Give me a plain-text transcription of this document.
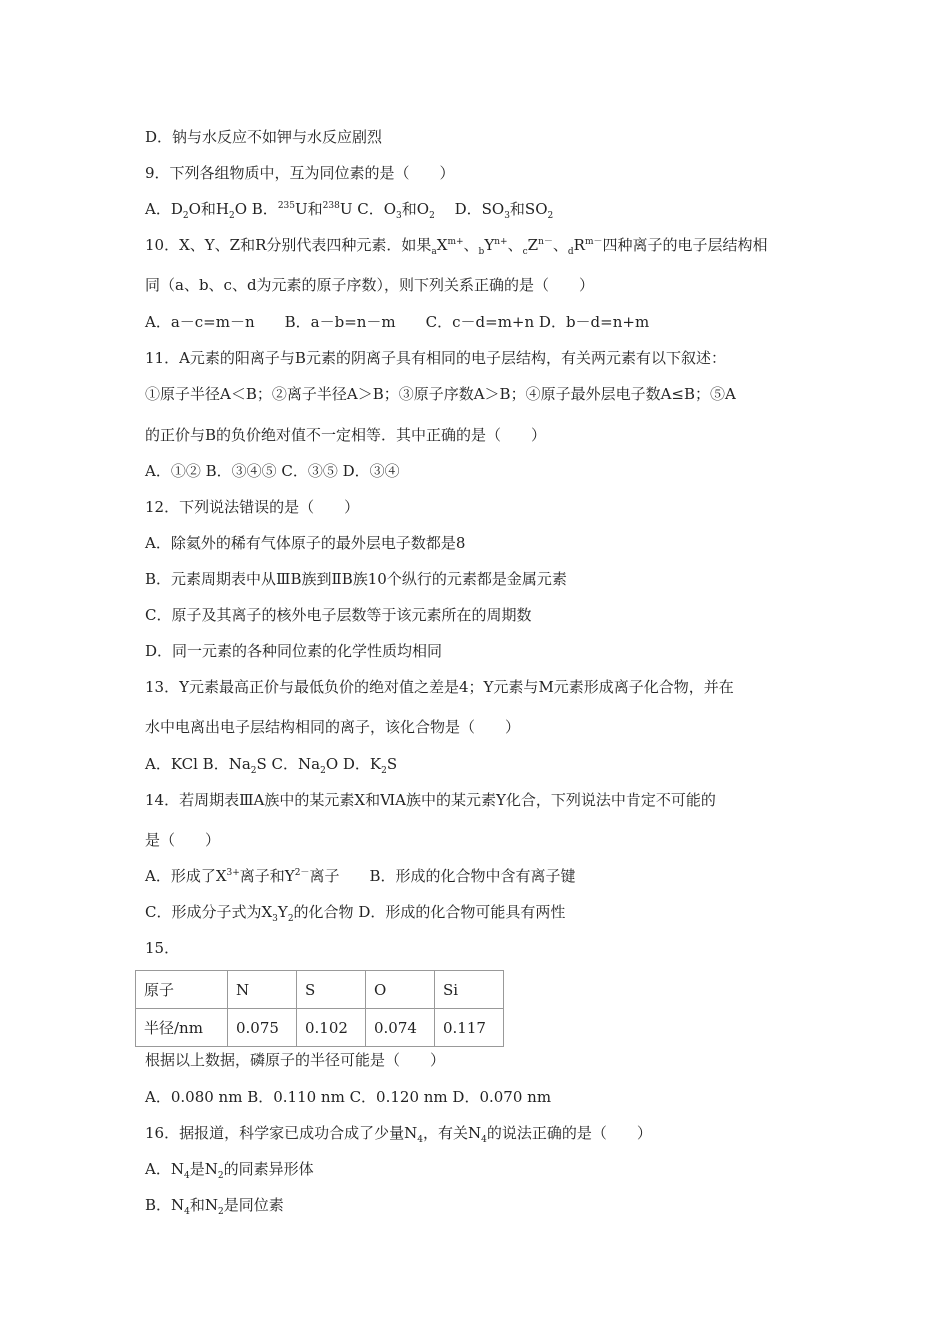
D．钠与水反应不如钾与水反应剧烈
9．下列各组物质中，互为同位素的是（　　）
A．$D_2O$和$H_2O$ B．$^{235}$U和$^{238}$U C．$O_3$和$O_2$　 D．$SO_3$和$SO_2$
10．X、Y、Z和R分别代表四种元素．如果$_aX^{m+}$、$_bY^{n+}$、$_cZ^{n-}$、$_dR^{m-}$四种离子的电子层结构相
同（a、b、c、d为元素的原子序数），则下列关系正确的是（　　）
A．a－c=m－n　　B．a－b=n－m　　C．c－d=m+n D．b－d=n+m
11．A元素的阳离子与B元素的阴离子具有相同的电子层结构，有关两元素有以下叙述：
①原子半径A＜B；②离子半径A＞B；③原子序数A＞B；④原子最外层电子数A≤B；⑤A
的正价与B的负价绝对值不一定相等．其中正确的是（　　）
A．①② B．③④⑤ C．③⑤ D．③④
12．下列说法错误的是（　　）
A．除氦外的稀有气体原子的最外层电子数都是8
B．元素周期表中从ⅢB族到ⅡB族10个纵行的元素都是金属元素
C．原子及其离子的核外电子层数等于该元素所在的周期数
D．同一元素的各种同位素的化学性质均相同
13．Y元素最高正价与最低负价的绝对值之差是4；Y元素与M元素形成离子化合物，并在
水中电离出电子层结构相同的离子，该化合物是（　　）
A．KCl B．$Na_2S$ C．$Na_2O$ D．$K_2S$
14．若周期表ⅢA族中的某元素X和ⅥA族中的某元素Y化合，下列说法中肯定不可能的
是（　　）
A．形成了$X^{3+}$离子和$Y^{2-}$离子　　B．形成的化合物中含有离子键
C．形成分子式为$X_3Y_2$的化合物 D．形成的化合物可能具有两性
15．
原子	N	S	O	Si
半径/nm	0.075	0.102	0.074	0.117
根据以上数据，磷原子的半径可能是（　　）
A．0.080 nm B．0.110 nm C．0.120 nm D．0.070 nm
16．据报道，科学家已成功合成了少量$N_4$，有关$N_4$的说法正确的是（　　）
A．$N_4$是$N_2$的同素异形体
B．$N_4$和$N_2$是同位素
